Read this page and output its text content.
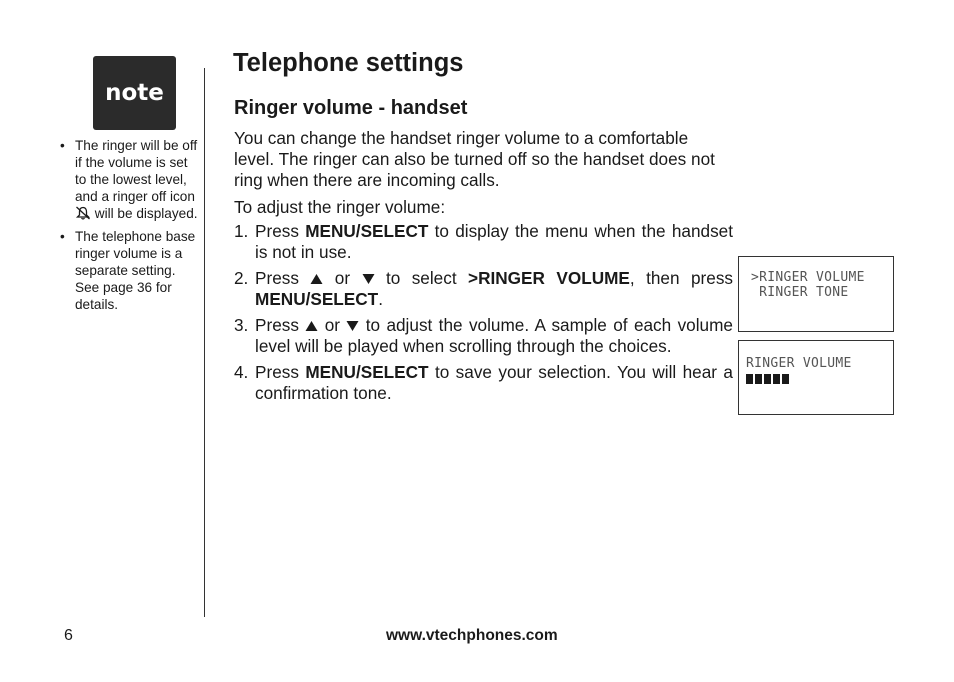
note
• The ringer will be off if the volume is set to the lowest level, and a ringer off icon  will be displayed.
• The telephone base ringer volume is a separate setting. See page 36 for details.
Telephone settings
Ringer volume - handset

You can change the handset ringer volume to a comfortable level. The ringer can also be turned off so the handset does not ring when there are incoming calls.

To adjust the ringer volume:

1. Press MENU/SELECT to display the menu when the handset is not in use.
2. Press  or  to select >RINGER VOLUME, then press MENU/SELECT.
3. Press  or  to adjust the volume. A sample of each volume level will be played when scrolling through the choices.
4. Press MENU/SELECT to save your selection. You will hear a confirmation tone.
>RINGER VOLUME
RINGER TONE
RINGER VOLUME
6	www.vtechphones.com
